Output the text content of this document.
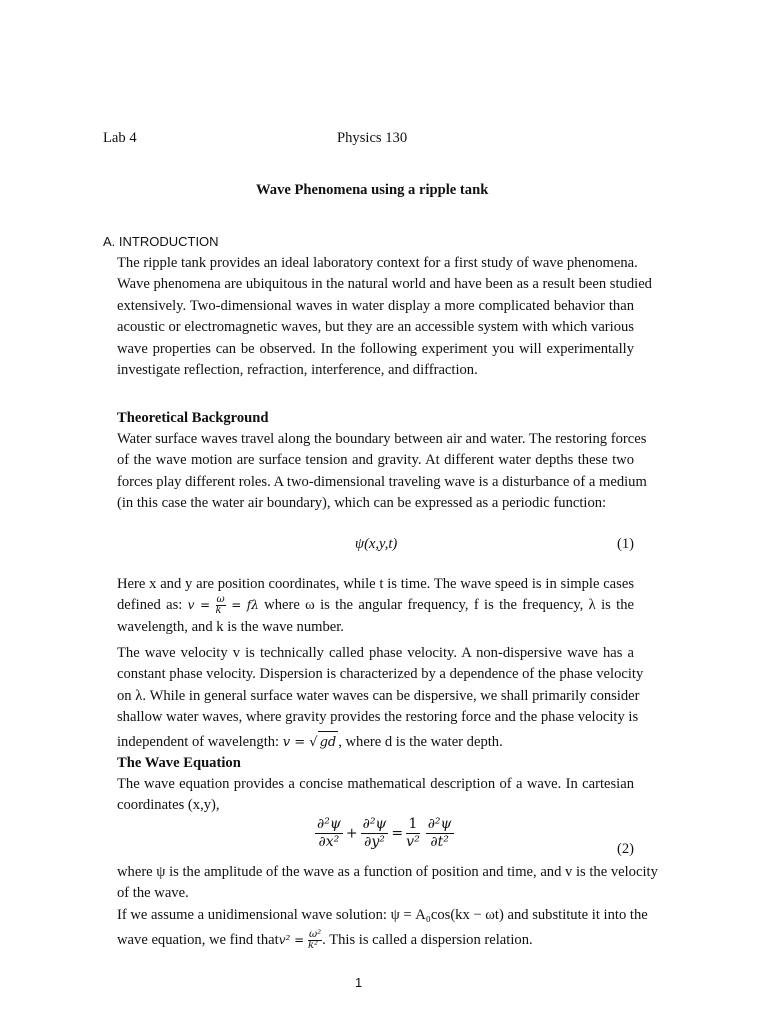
Lab 4	Physics 130
Wave Phenomena using a ripple tank
A. INTRODUCTION
The ripple tank provides an ideal laboratory context for a first study of wave phenomena.
Wave phenomena are ubiquitous in the natural world and have been as a result been studied
extensively. Two-dimensional waves in water display a more complicated behavior than
acoustic or electromagnetic waves, but they are an accessible system with which various
wave properties can be observed. In the following experiment you will experimentally
investigate reflection, refraction, interference, and diffraction.
Theoretical Background
Water surface waves travel along the boundary between air and water. The restoring forces
of the wave motion are surface tension and gravity. At different water depths these two
forces play different roles. A two-dimensional traveling wave is a disturbance of a medium
(in this case the water air boundary), which can be expressed as a periodic function:
ψ(x,y,t)	(1)
Here x and y are position coordinates, while t is time. The wave speed is in simple cases
defined as: $v = \frac{\omega}{k} = f\lambda$ where ω is the angular frequency, f is the frequency, λ is the
wavelength, and k is the wave number.
The wave velocity v is technically called phase velocity. A non-dispersive wave has a
constant phase velocity. Dispersion is characterized by a dependence of the phase velocity
on λ. While in general surface water waves can be dispersive, we shall primarily consider
shallow water waves, where gravity provides the restoring force and the phase velocity is
independent of wavelength: v = √ gd , where d is the water depth.
The Wave Equation
The wave equation provides a concise mathematical description of a wave. In cartesian
coordinates (x,y),
$\frac{\text{∂²ψ}}{\text{∂x²}} + \frac{\text{∂²ψ}}{\text{∂y²}} = \frac{1}{\text{v²}} \frac{\text{∂²ψ}}{\text{∂t²}}$	(2)
where ψ is the amplitude of the wave as a function of position and time, and v is the velocity
of the wave.
If we assume a unidimensional wave solution: ψ = A₀cos(kx − ωt) and substitute it into the
wave equation, we find thatv² = $\frac{\text{ω²}}{\text{k²}}$ . This is called a dispersion relation.
1
